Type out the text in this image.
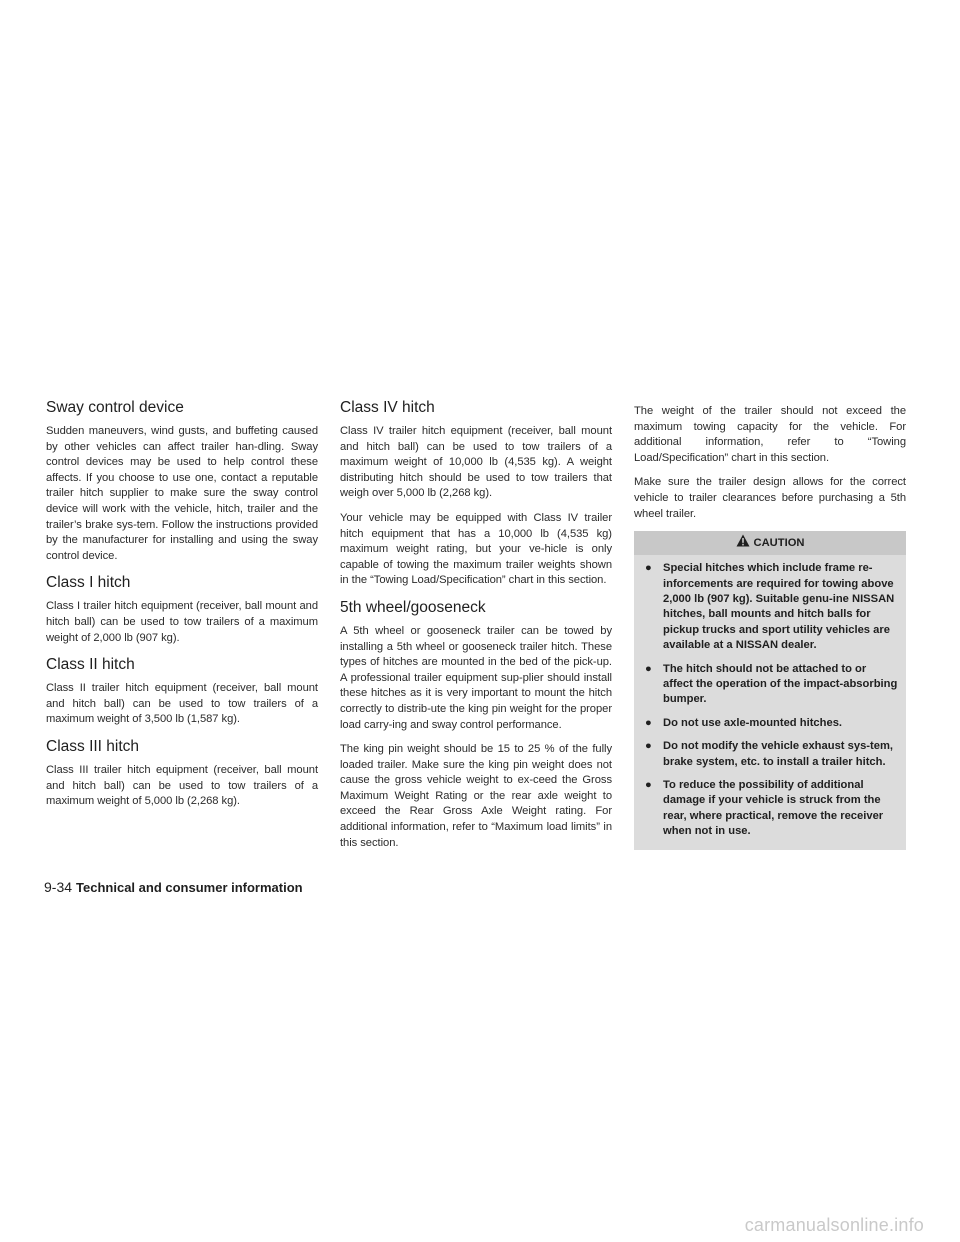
Sway control device

Sudden maneuvers, wind gusts, and buffeting caused by other vehicles can affect trailer han-dling. Sway control devices may be used to help control these affects. If you choose to use one, contact a reputable trailer hitch supplier to make sure the sway control device will work with the vehicle, hitch, trailer and the trailer’s brake sys-tem. Follow the instructions provided by the manufacturer for installing and using the sway control device.

Class I hitch

Class I trailer hitch equipment (receiver, ball mount and hitch ball) can be used to tow trailers of a maximum weight of 2,000 lb (907 kg).

Class II hitch

Class II trailer hitch equipment (receiver, ball mount and hitch ball) can be used to tow trailers of a maximum weight of 3,500 lb (1,587 kg).

Class III hitch

Class III trailer hitch equipment (receiver, ball mount and hitch ball) can be used to tow trailers of a maximum weight of 5,000 lb (2,268 kg).

Class IV hitch

Class IV trailer hitch equipment (receiver, ball mount and hitch ball) can be used to tow trailers of a maximum weight of 10,000 lb (4,535 kg). A weight distributing hitch should be used to tow trailers that weigh over 5,000 lb (2,268 kg).

Your vehicle may be equipped with Class IV trailer hitch equipment that has a 10,000 lb (4,535 kg) maximum weight rating, but your ve-hicle is only capable of towing the maximum trailer weights shown in the “Towing Load/Specification” chart in this section.

5th wheel/gooseneck

A 5th wheel or gooseneck trailer can be towed by installing a 5th wheel or gooseneck trailer hitch. These types of hitches are mounted in the bed of the pick-up. A professional trailer equipment sup-plier should install these hitches as it is very important to mount the hitch correctly to distrib-ute the king pin weight for the proper load carry-ing and sway control performance.

The king pin weight should be 15 to 25 % of the fully loaded trailer. Make sure the king pin weight does not cause the gross vehicle weight to ex-ceed the Gross Maximum Weight Rating or the rear axle weight to exceed the Rear Gross Axle Weight rating. For additional information, refer to “Maximum load limits” in this section.

The weight of the trailer should not exceed the maximum towing capacity for the vehicle. For additional information, refer to “Towing Load/Specification” chart in this section.

Make sure the trailer design allows for the correct vehicle to trailer clearances before purchasing a 5th wheel trailer.

CAUTION
● Special hitches which include frame re-inforcements are required for towing above 2,000 lb (907 kg). Suitable genu-ine NISSAN hitches, ball mounts and hitch balls for pickup trucks and sport utility vehicles are available at a NISSAN dealer.
● The hitch should not be attached to or affect the operation of the impact-absorbing bumper.
● Do not use axle-mounted hitches.
● Do not modify the vehicle exhaust sys-tem, brake system, etc. to install a trailer hitch.
● To reduce the possibility of additional damage if your vehicle is struck from the rear, where practical, remove the receiver when not in use.
9-34 Technical and consumer information
carmanualsonline.info
